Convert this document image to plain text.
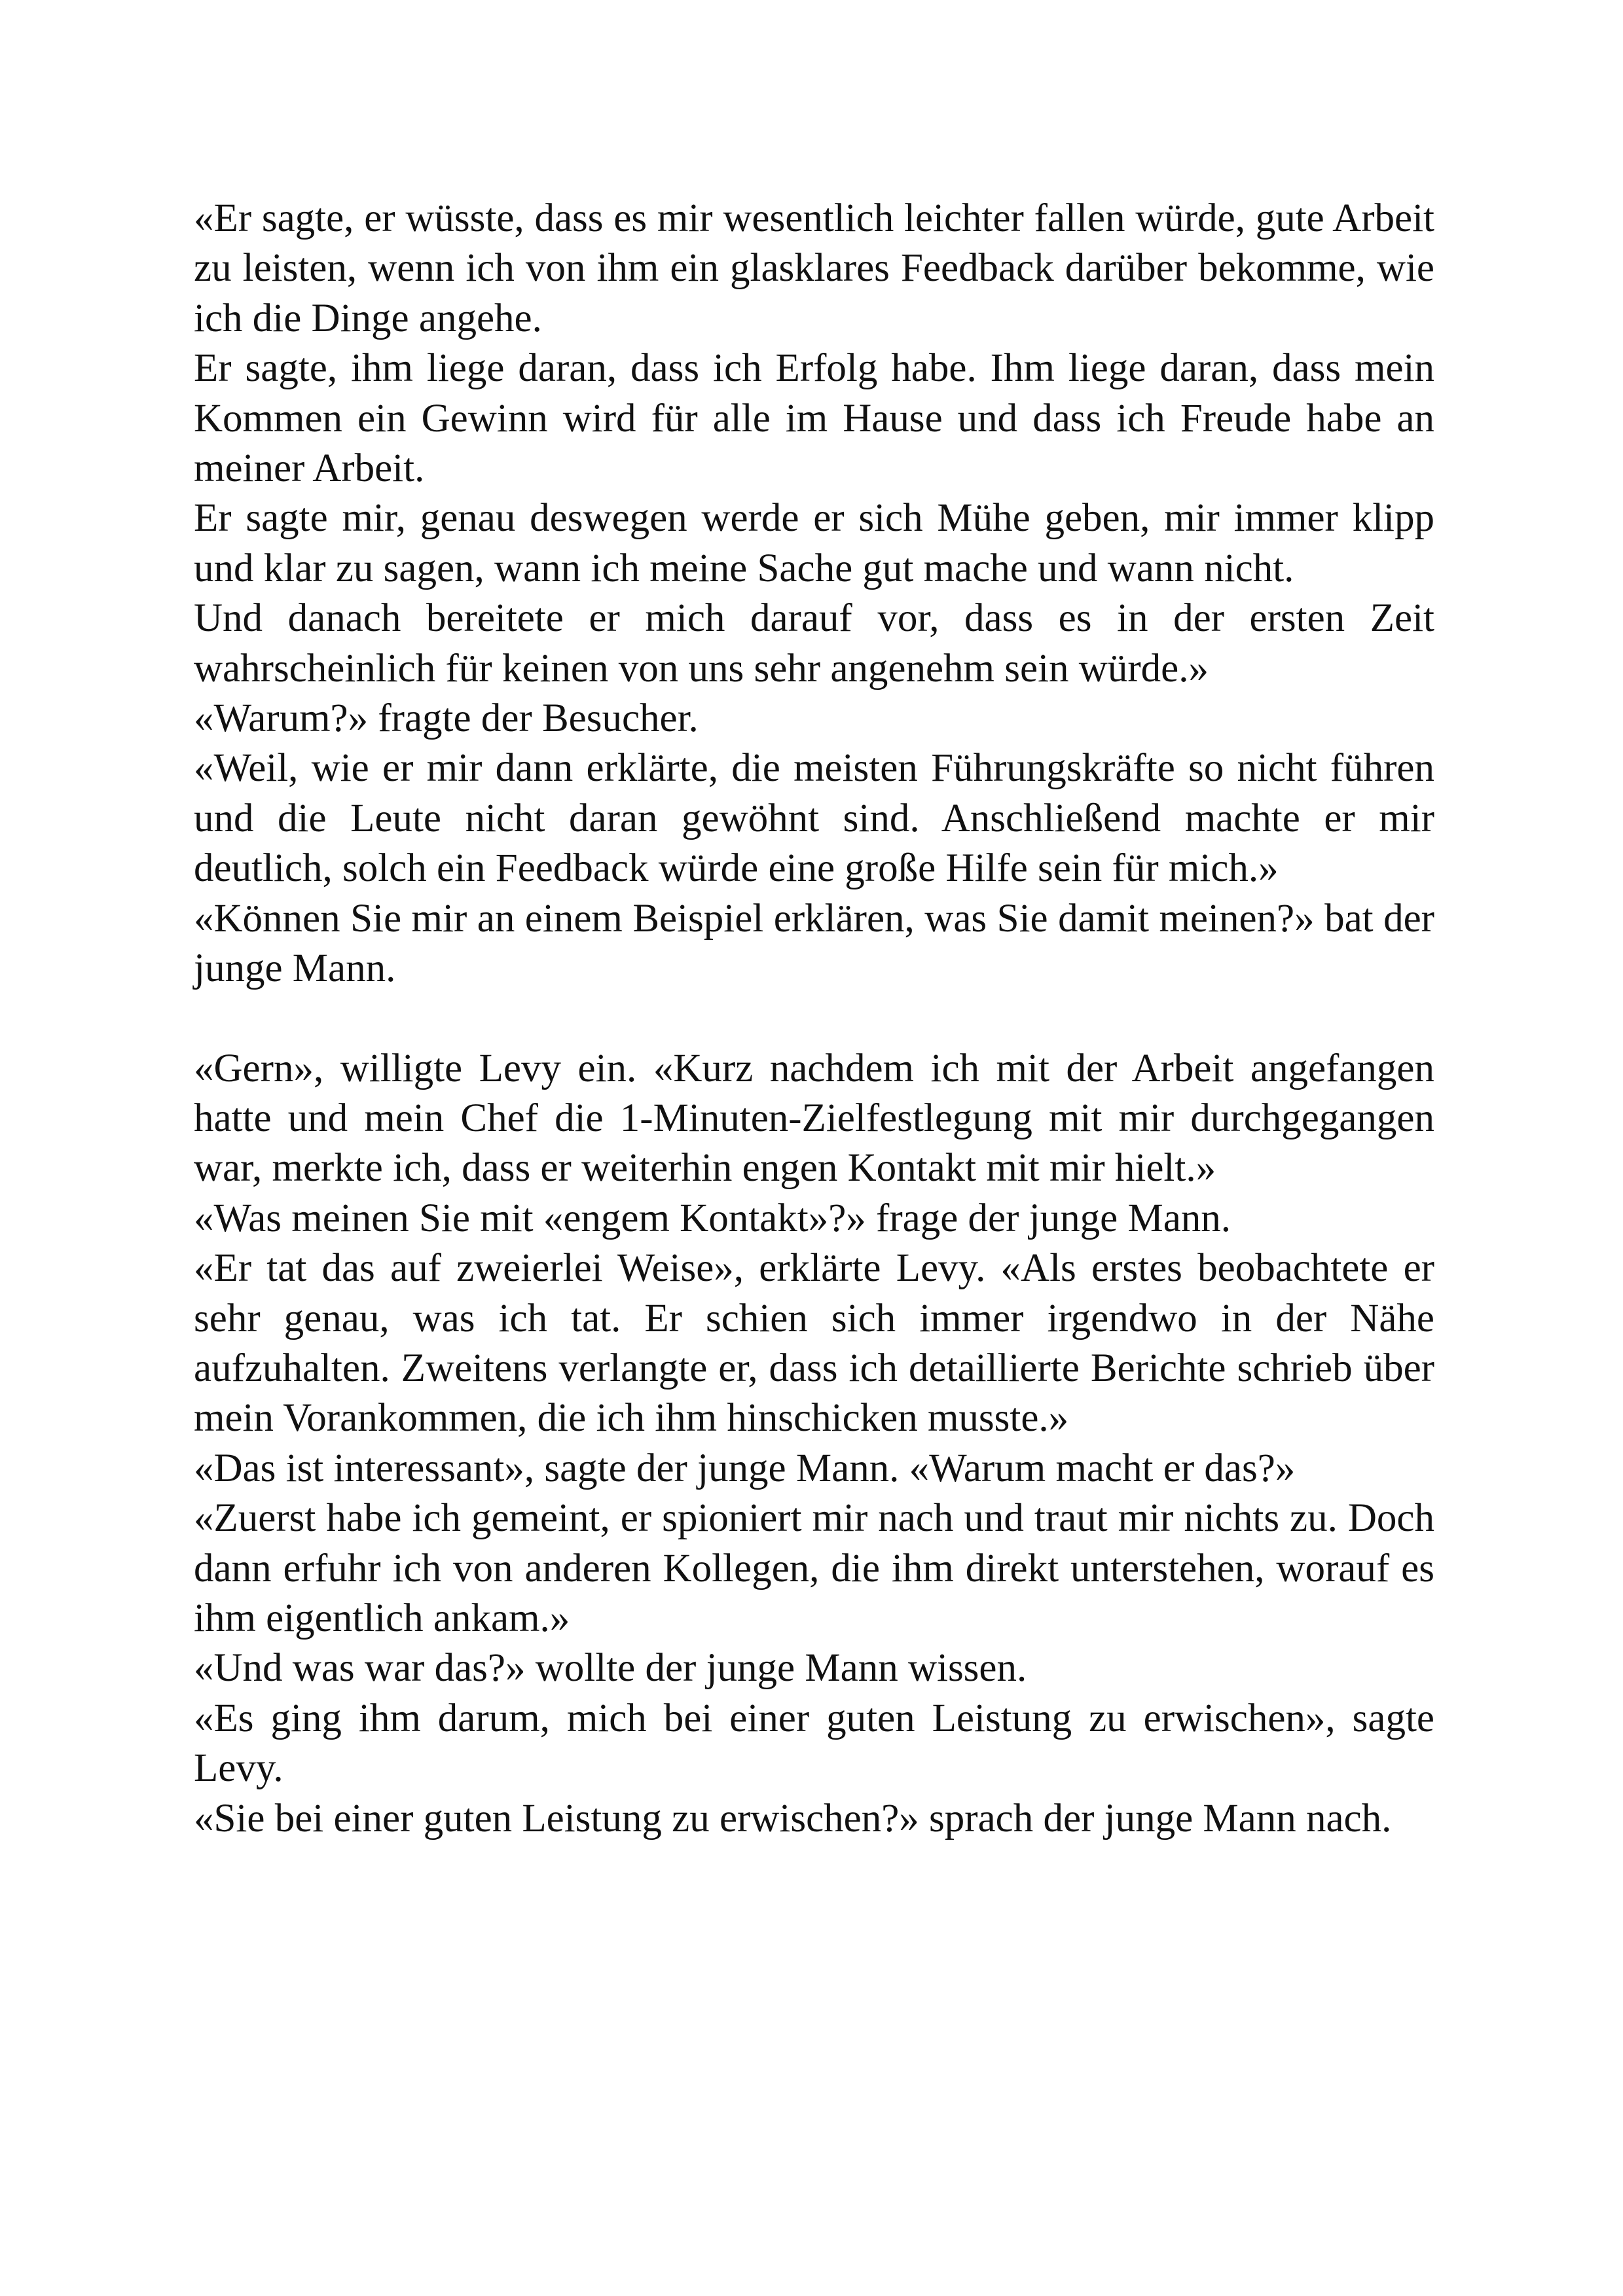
«Er sagte, er wüsste, dass es mir wesentlich leichter fallen würde, gute Arbeit zu leisten, wenn ich von ihm ein glasklares Feedback darüber bekomme, wie ich die Dinge angehe.

Er sagte, ihm liege daran, dass ich Erfolg habe. Ihm liege daran, dass mein Kommen ein Gewinn wird für alle im Hause und dass ich Freude habe an meiner Arbeit.

Er sagte mir, genau deswegen werde er sich Mühe geben, mir immer klipp und klar zu sagen, wann ich meine Sache gut mache und wann nicht.

Und danach bereitete er mich darauf vor, dass es in der ersten Zeit wahrscheinlich für keinen von uns sehr angenehm sein würde.»

«Warum?» fragte der Besucher.

«Weil, wie er mir dann erklärte, die meisten Führungskräfte so nicht führen und die Leute nicht daran gewöhnt sind. Anschließend machte er mir deutlich, solch ein Feedback würde eine große Hilfe sein für mich.»

«Können Sie mir an einem Beispiel erklären, was Sie damit meinen?» bat der junge Mann.

«Gern», willigte Levy ein. «Kurz nachdem ich mit der Arbeit angefangen hatte und mein Chef die 1-Minuten-Zielfestlegung mit mir durchgegangen war, merkte ich, dass er weiterhin engen Kontakt mit mir hielt.»

«Was meinen Sie mit «engem Kontakt»?» frage der junge Mann.

«Er tat das auf zweierlei Weise», erklärte Levy. «Als erstes beobachtete er sehr genau, was ich tat. Er schien sich immer irgendwo in der Nähe aufzuhalten. Zweitens verlangte er, dass ich detaillierte Berichte schrieb über mein Vorankommen, die ich ihm hinschicken musste.»

«Das ist interessant», sagte der junge Mann. «Warum macht er das?»

«Zuerst habe ich gemeint, er spioniert mir nach und traut mir nichts zu. Doch dann erfuhr ich von anderen Kollegen, die ihm direkt unterstehen, worauf es ihm eigentlich ankam.»

«Und was war das?» wollte der junge Mann wissen.

«Es ging ihm darum, mich bei einer guten Leistung zu erwischen», sagte Levy.

«Sie bei einer guten Leistung zu erwischen?» sprach der junge Mann nach.
